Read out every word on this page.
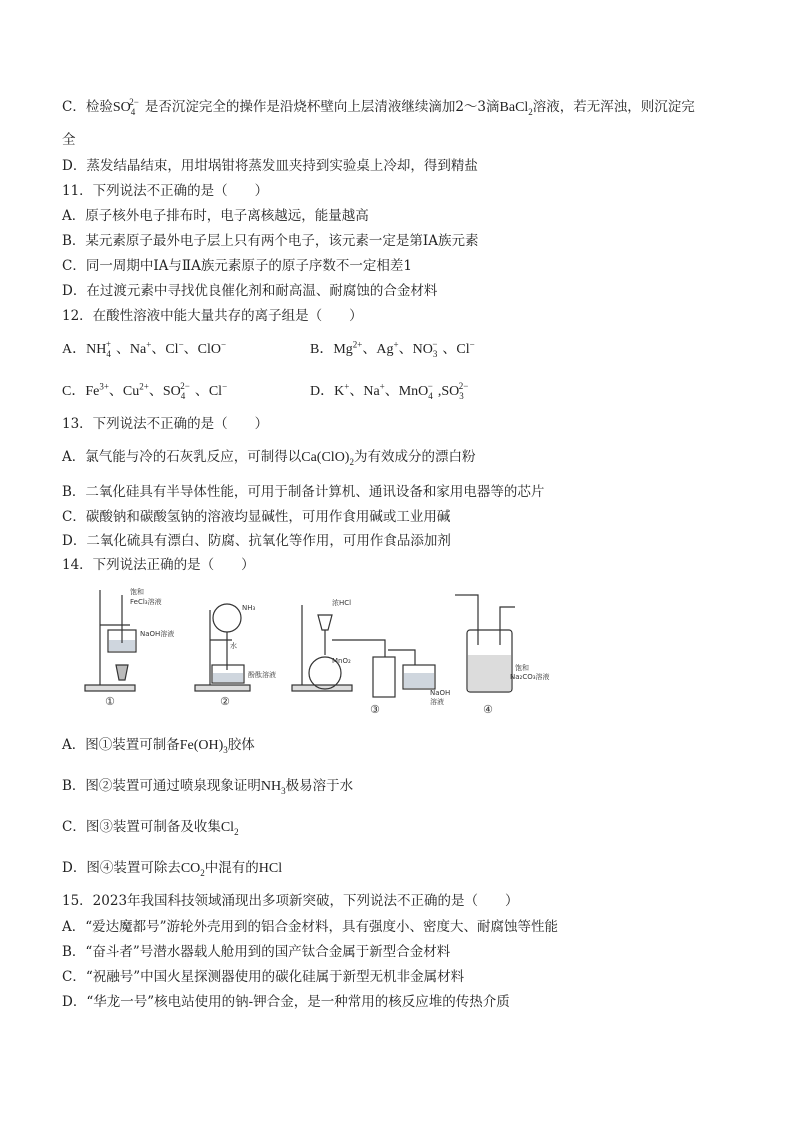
C．检验$SO_4^{2-}$ 是否沉淀完全的操作是沿烧杯壁向上层清液继续滴加2～3滴BaCl$_2$溶液，若无浑浊，则沉淀完
全
D．蒸发结晶结束，用坩埚钳将蒸发皿夹持到实验桌上冷却，得到精盐
11．下列说法不正确的是（　　）
A．原子核外电子排布时，电子离核越远，能量越高
B．某元素原子最外电子层上只有两个电子，该元素一定是第ⅠA族元素
C．同一周期中ⅠA与ⅡA族元素原子的原子序数不一定相差1
D．在过渡元素中寻找优良催化剂和耐高温、耐腐蚀的合金材料
12．在酸性溶液中能大量共存的离子组是（　　）
A．$NH_4^+$ 、Na+、Cl−、ClO−	B．$Mg^{2+}$、Ag+、$NO_3^-$ 、Cl−
C．$Fe^{3+}$、$Cu^{2+}$、$SO_4^{2-}$ 、Cl−	D．K+、Na+、MnO$_4$− $,SO_3^{2-}$
13．下列说法不正确的是（　　）
A．氯气能与冷的石灰乳反应，可制得以$Ca(ClO)_2$为有效成分的漂白粉
B．二氧化硅具有半导体性能，可用于制备计算机、通讯设备和家用电器等的芯片
C．碳酸钠和碳酸氢钠的溶液均显碱性，可用作食用碱或工业用碱
D．二氧化硫具有漂白、防腐、抗氧化等作用，可用作食品添加剂
14．下列说法正确的是（　　）
饱和
FeCl₃溶液
NaOH溶液
①
NH₃
水
酚酞溶液
②
浓HCl
MnO₂
NaOH
溶液
③
饱和
Na₂CO₃溶液
④
A．图①装置可制备$Fe(OH)_3$胶体
B．图②装置可通过喷泉现象证明$NH_3$极易溶于水
C．图③装置可制备及收集$Cl_2$
D．图④装置可除去$CO_2$中混有的HCl
15．2023年我国科技领域涌现出多项新突破，下列说法不正确的是（　　）
A．“爱达魔都号”游轮外壳用到的铝合金材料，具有强度小、密度大、耐腐蚀等性能
B．“奋斗者”号潜水器载人舱用到的国产钛合金属于新型合金材料
C．“祝融号”中国火星探测器使用的碳化硅属于新型无机非金属材料
D．“华龙一号”核电站使用的钠-钾合金，是一种常用的核反应堆的传热介质
